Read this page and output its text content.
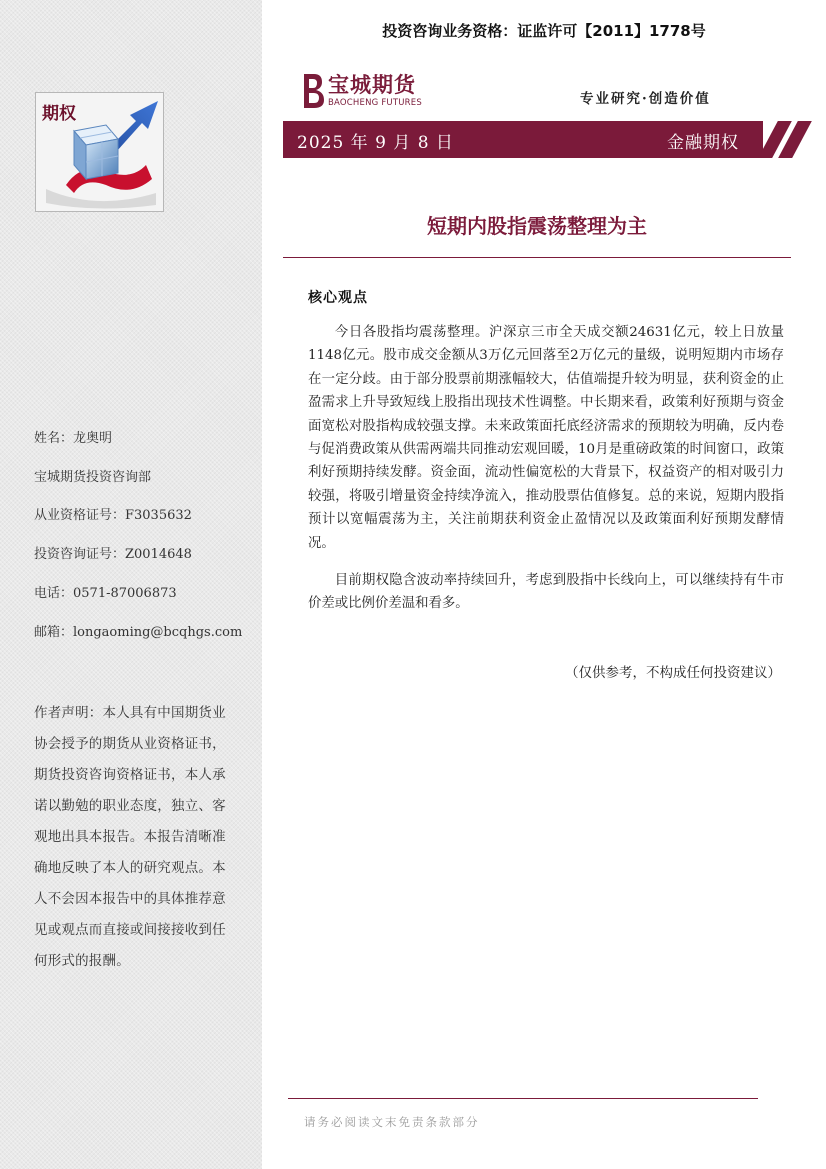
期权
姓名：龙奥明
宝城期货投资咨询部
从业资格证号：F3035632
投资咨询证号：Z0014648
电话：0571-87006873
邮箱：longaoming@bcqhgs.com
作者声明：本人具有中国期货业协会授予的期货从业资格证书，期货投资咨询资格证书，本人承诺以勤勉的职业态度，独立、客观地出具本报告。本报告清晰准确地反映了本人的研究观点。本人不会因本报告中的具体推荐意见或观点而直接或间接接收到任何形式的报酬。
投资咨询业务资格：证监许可【2011】1778号
宝城期货
BAOCHENG FUTURES	专业研究·创造价值
2025 年 9 月 8 日	金融期权
短期内股指震荡整理为主
核心观点
今日各股指均震荡整理。沪深京三市全天成交额24631亿元，较上日放量1148亿元。股市成交金额从3万亿元回落至2万亿元的量级，说明短期内市场存在一定分歧。由于部分股票前期涨幅较大，估值端提升较为明显，获利资金的止盈需求上升导致短线上股指出现技术性调整。中长期来看，政策利好预期与资金面宽松对股指构成较强支撑。未来政策面托底经济需求的预期较为明确，反内卷与促消费政策从供需两端共同推动宏观回暖，10月是重磅政策的时间窗口，政策利好预期持续发酵。资金面，流动性偏宽松的大背景下，权益资产的相对吸引力较强，将吸引增量资金持续净流入，推动股票估值修复。总的来说，短期内股指预计以宽幅震荡为主，关注前期获利资金止盈情况以及政策面利好预期发酵情况。
目前期权隐含波动率持续回升，考虑到股指中长线向上，可以继续持有牛市价差或比例价差温和看多。
（仅供参考，不构成任何投资建议）
请务必阅读文末免责条款部分
